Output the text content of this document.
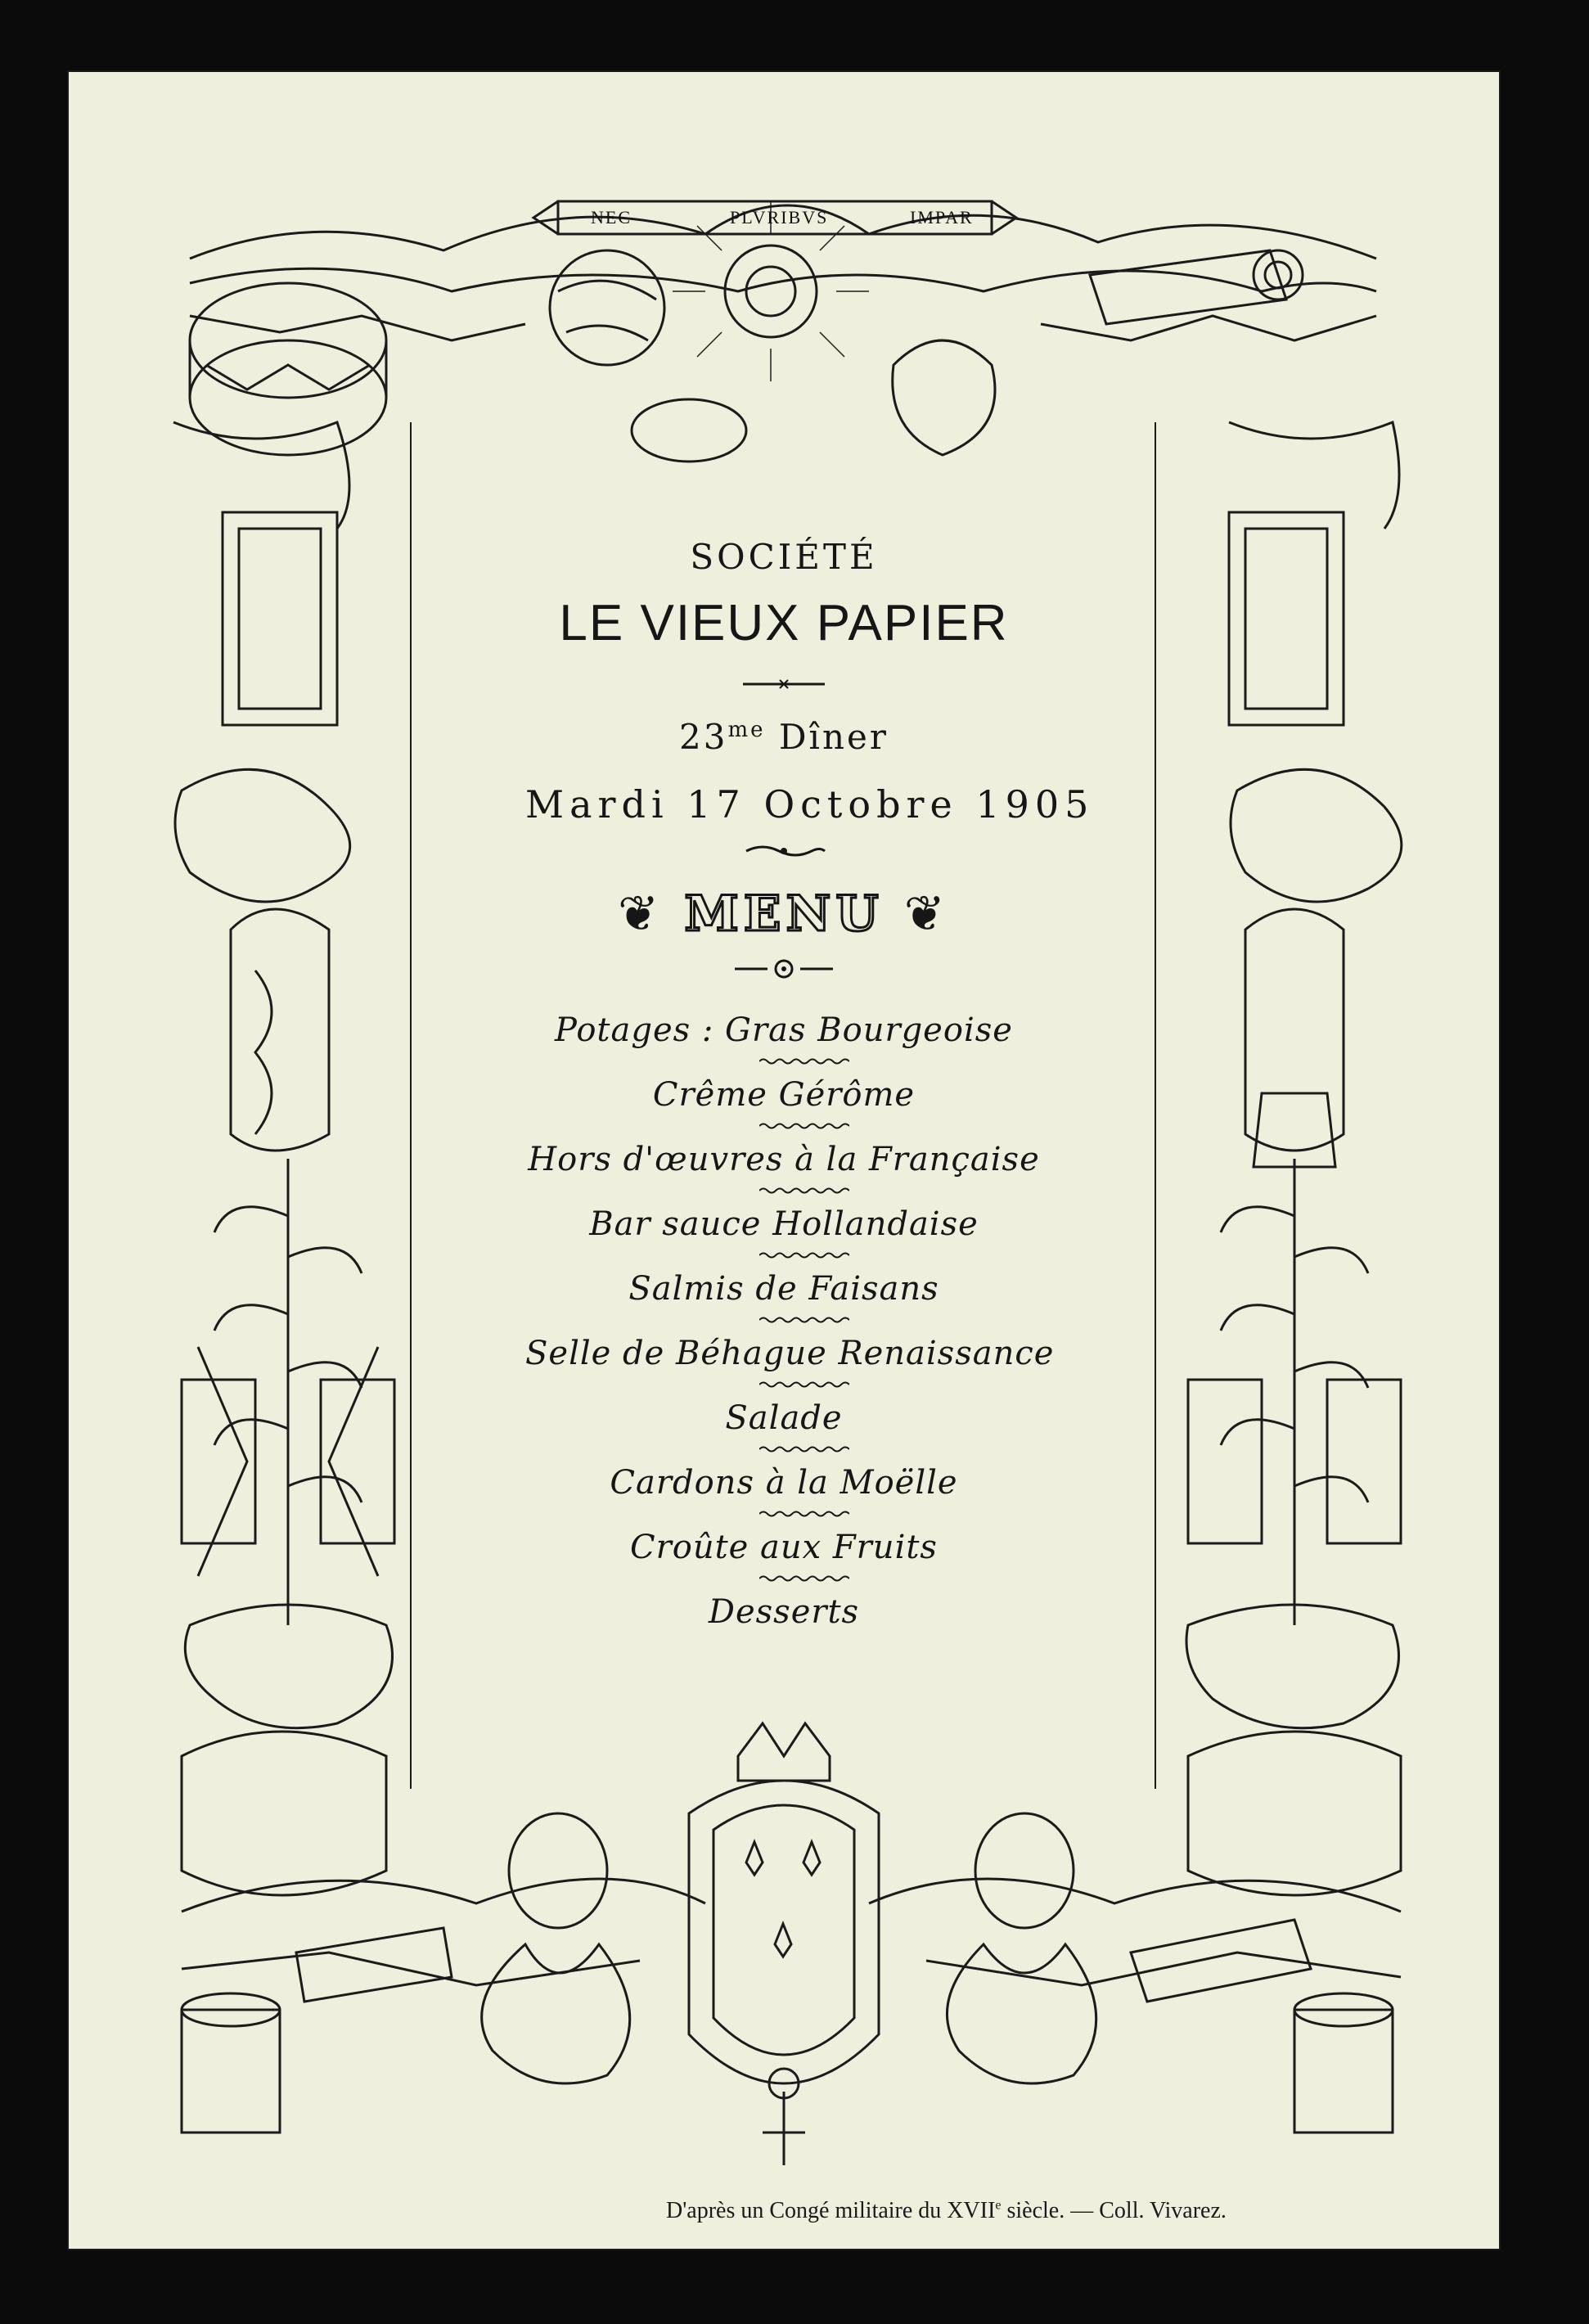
NEC	PLVRIBVS	IMPAR
SOCIÉTÉ
LE VIEUX PAPIER
$23^{me}$ Dîner
Mardi 17 Octobre 1905
❦ MENU ❦
Potages : Gras Bourgeoise
Crême Gérôme
Hors d'œuvres à la Française
Bar sauce Hollandaise
Salmis de Faisans
Selle de Béhague Renaissance
Salade
Cardons à la Moëlle
Croûte aux Fruits
Desserts
D'après un Congé militaire du XVIIe siècle. — Coll. Vivarez.
